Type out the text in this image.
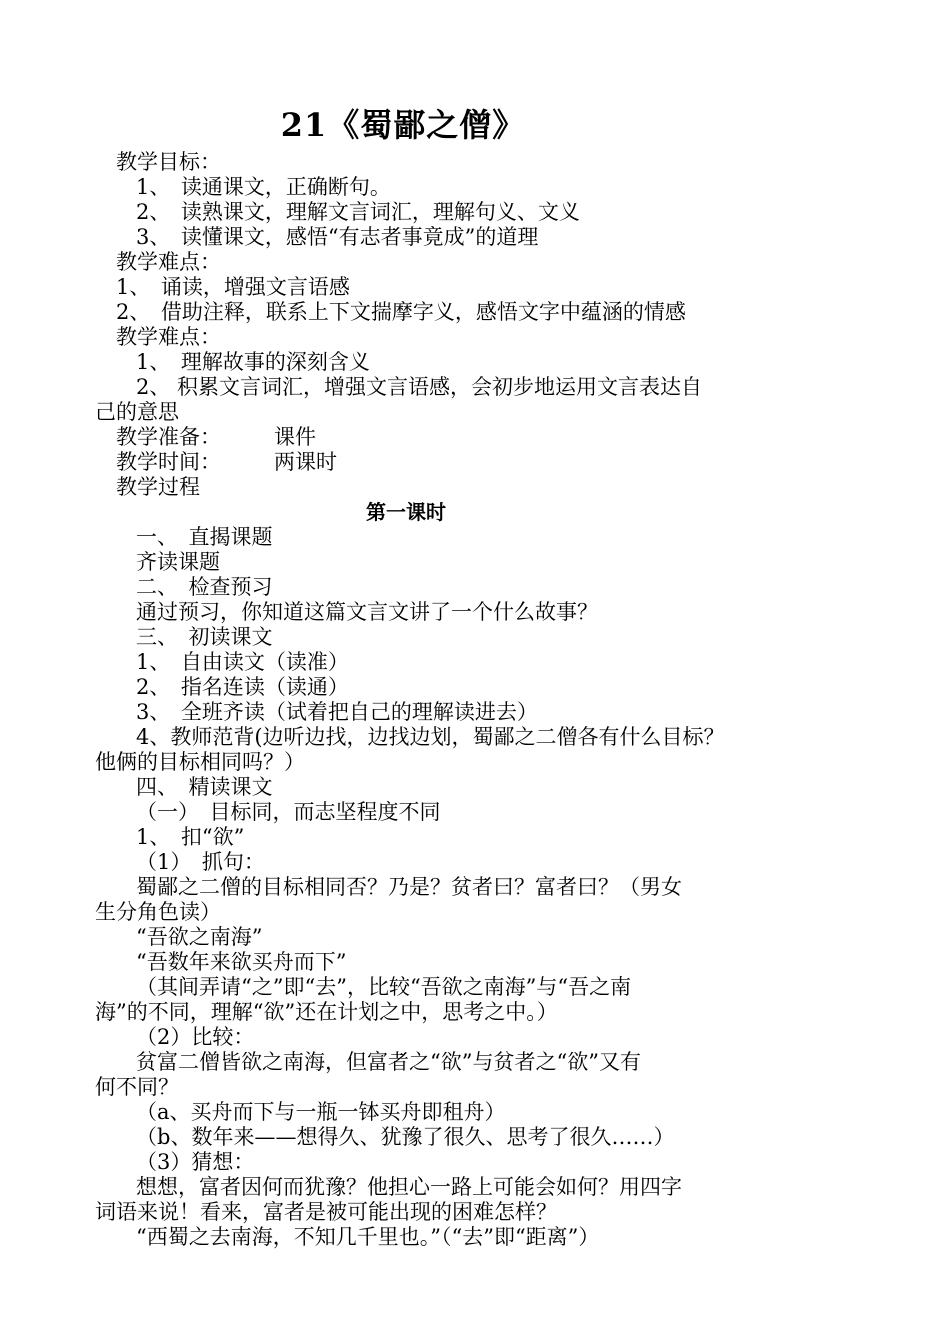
21《蜀鄙之僧》
教学目标：
1、　读通课文，正确断句。
2、　读熟课文，理解文言词汇，理解句义、文义
3、　读懂课文，感悟“有志者事竟成”的道理
教学难点：
1、　诵读，增强文言语感
2、　借助注释，联系上下文揣摩字义，感悟文字中蕴涵的情感
教学难点：
1、　理解故事的深刻含义
2、 积累文言词汇，增强文言语感，会初步地运用文言表达自
己的意思
教学准备：	课件
教学时间：	两课时
教学过程
第一课时
一、　直揭课题
齐读课题
二、　检查预习
通过预习，你知道这篇文言文讲了一个什么故事？
三、　初读课文
1、　自由读文（读准）
2、　指名连读（读通）
3、　全班齐读（试着把自己的理解读进去）
4、教师范背(边听边找，边找边划，蜀鄙之二僧各有什么目标？
他俩的目标相同吗？）
四、　精读课文
（一）　目标同，而志坚程度不同
1、　扣“欲”
（1）　抓句：
蜀鄙之二僧的目标相同否？乃是？贫者曰？富者曰？（男女
生分角色读）
“吾欲之南海”
“吾数年来欲买舟而下”
（其间弄请“之”即“去”，比较“吾欲之南海”与“吾之南
海”的不同，理解“欲”还在计划之中，思考之中。）
（2）比较：
贫富二僧皆欲之南海，但富者之“欲”与贫者之“欲”又有
何不同？
（a、买舟而下与一瓶一钵买舟即租舟）
（b、数年来——想得久、犹豫了很久、思考了很久……）
（3）猜想：
想想，富者因何而犹豫？他担心一路上可能会如何？用四字
词语来说！看来，富者是被可能出现的困难怎样？
“西蜀之去南海，不知几千里也。”（“去”即“距离”）
